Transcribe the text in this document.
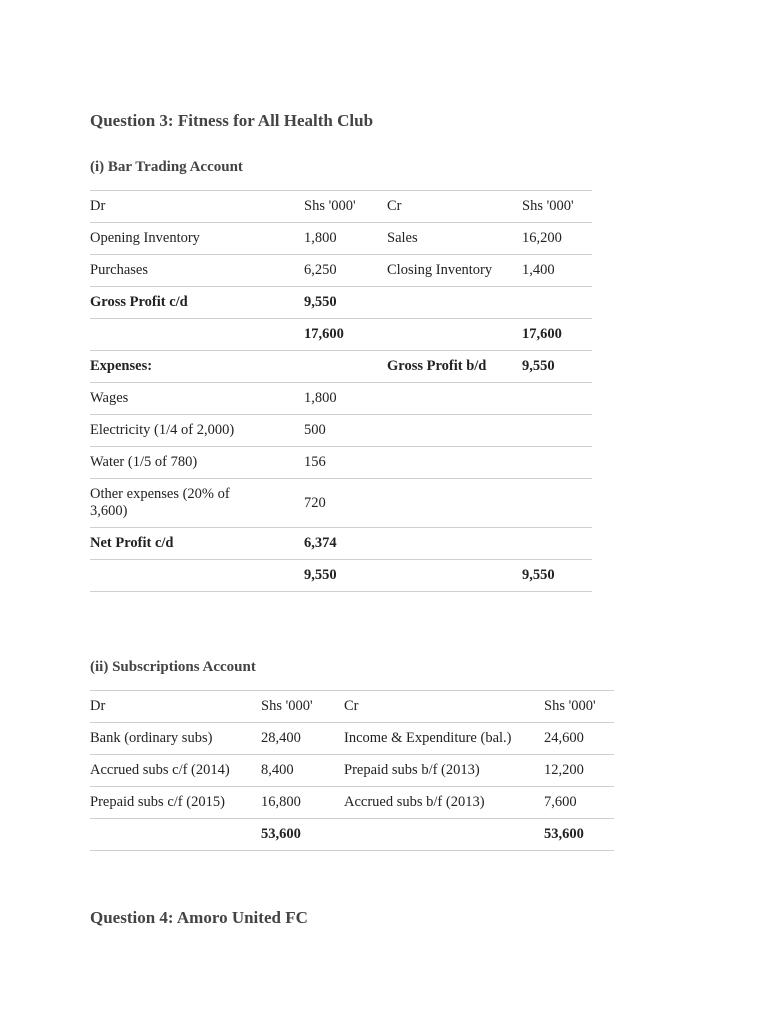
Question 3: Fitness for All Health Club
(i) Bar Trading Account
Dr	Shs '000'	Cr	Shs '000'
Opening Inventory	1,800	Sales	16,200
Purchases	6,250	Closing Inventory	1,400
Gross Profit c/d	9,550		
	17,600		17,600
Expenses:		Gross Profit b/d	9,550
Wages	1,800		
Electricity (1/4 of 2,000)	500		
Water (1/5 of 780)	156		
Other expenses (20% of 3,600)	720		
Net Profit c/d	6,374		
	9,550		9,550
(ii) Subscriptions Account
Dr	Shs '000'	Cr	Shs '000'
Bank (ordinary subs)	28,400	Income & Expenditure (bal.)	24,600
Accrued subs c/f (2014)	8,400	Prepaid subs b/f (2013)	12,200
Prepaid subs c/f (2015)	16,800	Accrued subs b/f (2013)	7,600
	53,600		53,600
Question 4: Amoro United FC
